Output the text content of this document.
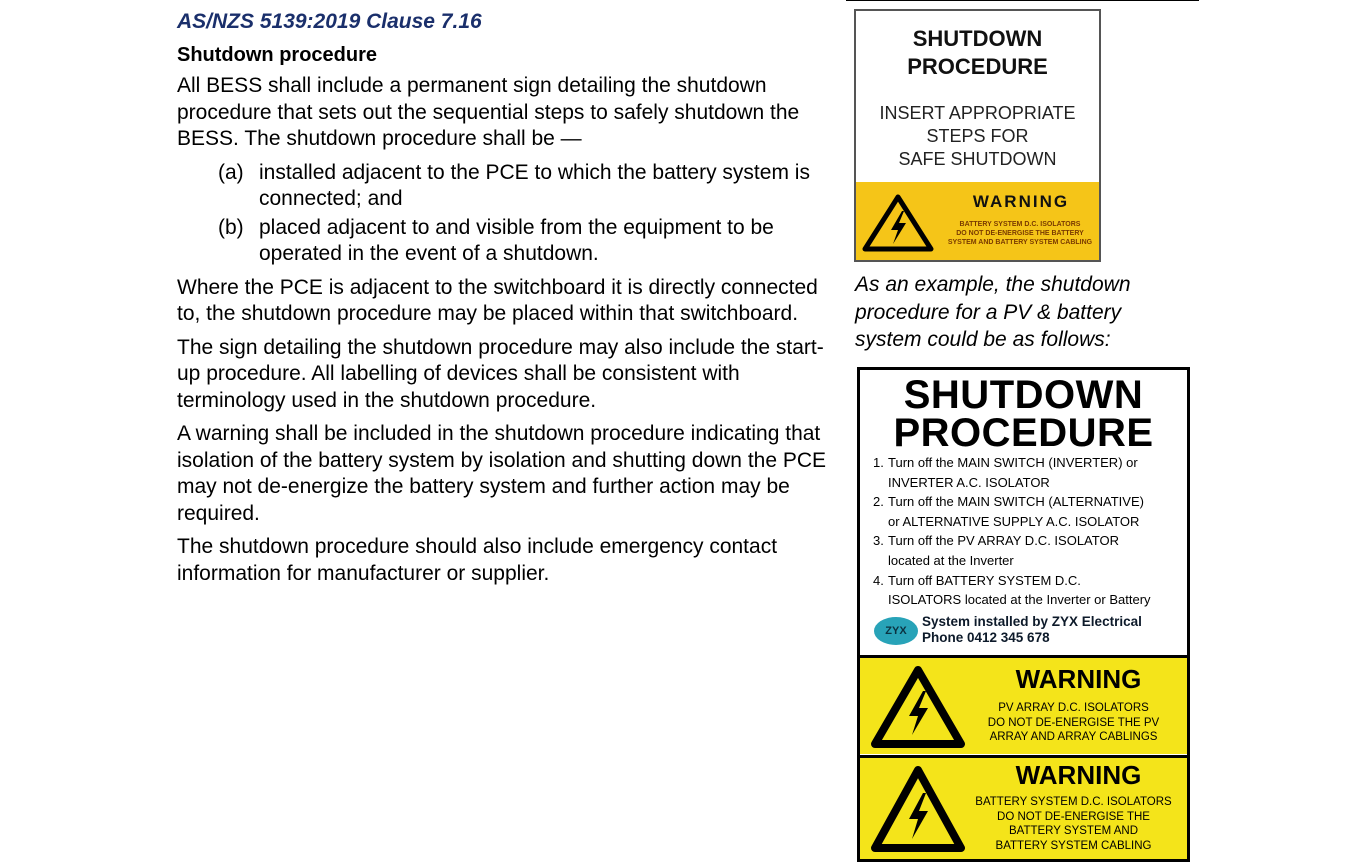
AS/NZS 5139:2019 Clause 7.16

Shutdown procedure

All BESS shall include a permanent sign detailing the shutdown procedure that sets out the sequential steps to safely shutdown the BESS. The shutdown procedure shall be —

(a) installed adjacent to the PCE to which the battery system is connected; and
(b) placed adjacent to and visible from the equipment to be operated in the event of a shutdown.

Where the PCE is adjacent to the switchboard it is directly connected to, the shutdown procedure may be placed within that switchboard.

The sign detailing the shutdown procedure may also include the start-up procedure. All labelling of devices shall be consistent with terminology used in the shutdown procedure.

A warning shall be included in the shutdown procedure indicating that isolation of the battery system by isolation and shutting down the PCE may not de-energize the battery system and further action may be required.

The shutdown procedure should also include emergency contact information for manufacturer or supplier.

SHUTDOWN
PROCEDURE
INSERT APPROPRIATE
STEPS FOR
SAFE SHUTDOWN
WARNING
BATTERY SYSTEM D.C. ISOLATORS
DO NOT DE-ENERGISE THE BATTERY
SYSTEM AND BATTERY SYSTEM CABLING
As an example, the shutdown
procedure for a PV & battery
system could be as follows:
SHUTDOWN
PROCEDURE
1. Turn off the MAIN SWITCH (INVERTER) or
INVERTER A.C. ISOLATOR
2. Turn off the MAIN SWITCH (ALTERNATIVE)
or ALTERNATIVE SUPPLY A.C. ISOLATOR
3. Turn off the PV ARRAY D.C. ISOLATOR
located at the Inverter
4. Turn off BATTERY SYSTEM D.C.
ISOLATORS located at the Inverter or Battery
ZYX
System installed by ZYX Electrical
Phone 0412 345 678
WARNING
PV ARRAY D.C. ISOLATORS
DO NOT DE-ENERGISE THE PV
ARRAY AND ARRAY CABLINGS
WARNING
BATTERY SYSTEM D.C. ISOLATORS
DO NOT DE-ENERGISE THE
BATTERY SYSTEM AND
BATTERY SYSTEM CABLING
